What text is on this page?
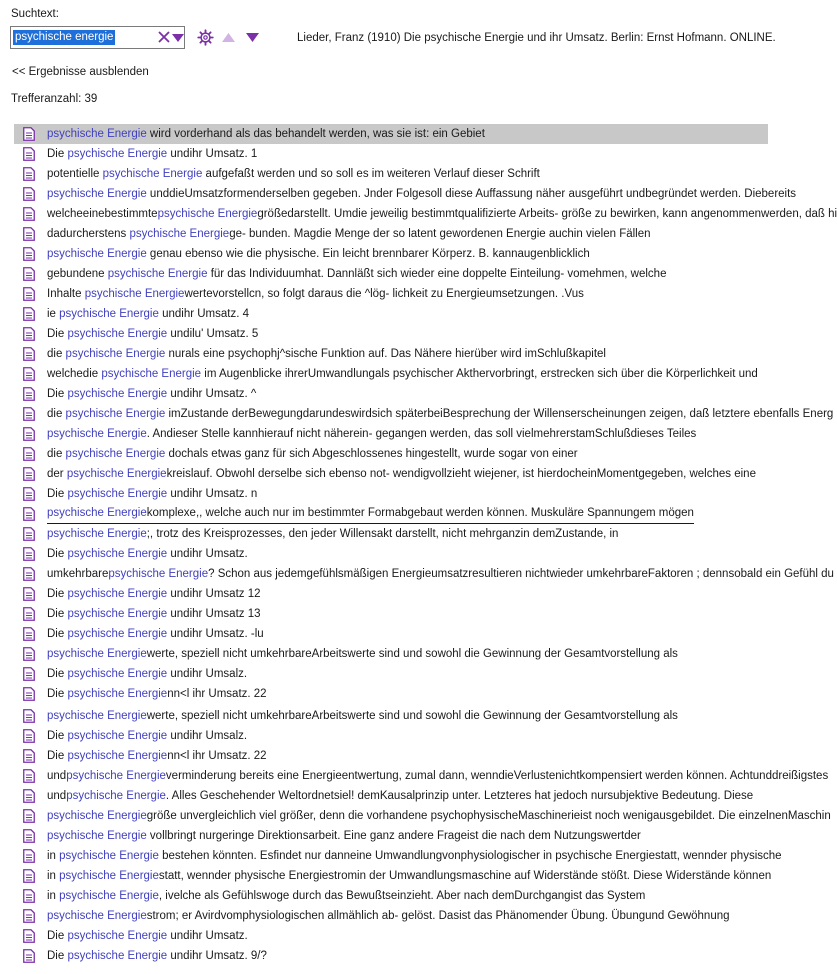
Suchtext:
psychische energie	Lieder, Franz (1910) Die psychische Energie und ihr Umsatz. Berlin: Ernst Hofmann. ONLINE.
<< Ergebnisse ausblenden
Trefferanzahl: 39
psychische Energie wird vorderhand als das behandelt werden, was sie ist: ein Gebiet
Die psychische Energie undihr Umsatz. 1
potentielle psychische Energie aufgefaßt werden und so soll es im weiteren Verlauf dieser Schrift
psychische Energie unddieUmsatzformenderselben gegeben. Jnder Folgesoll diese Auffassung näher ausgeführt undbegründet werden. Diebereits
welcheeinebestimmtepsychische Energiegrößedarstellt. Umdie jeweilig bestimmtqualifizierte Arbeits- größe zu bewirken, kann angenommenwerden, daß hi
dadurcherstens psychische Energiege- bunden. Magdie Menge der so latent gewordenen Energie auchin vielen Fällen
psychische Energie genau ebenso wie die physische. Ein leicht brennbarer Körperz. B. kannaugenblicklich
gebundene psychische Energie für das Individuumhat. Dannläßt sich wieder eine doppelte Einteilung- vomehmen, welche
Inhalte psychische Energiewertevorstellcn, so folgt daraus die ^lög- lichkeit zu Energieumsetzungen. .Vus
ie psychische Energie undihr Umsatz. 4
Die psychische Energie undilu' Umsatz. 5
die psychische Energie nurals eine psychophj^sische Funktion auf. Das Nähere hierüber wird imSchlußkapitel
welchedie psychische Energie im Augenblicke ihrerUmwandlungals psychischer Akthervorbringt, erstrecken sich über die Körperlichkeit und
Die psychische Energie undihr Umsatz. ^
die psychische Energie imZustande derBewegungdarundeswirdsich späterbeiBesprechung der Willenserscheinungen zeigen, daß letztere ebenfalls Energ
psychische Energie. Andieser Stelle kannhierauf nicht näherein- gegangen werden, das soll vielmehrerstamSchlußdieses Teiles
die psychische Energie dochals etwas ganz für sich Abgeschlossenes hingestellt, wurde sogar von einer
der psychische Energiekreislauf. Obwohl derselbe sich ebenso not- wendigvollzieht wiejener, ist hierdocheinMomentgegeben, welches eine
Die psychische Energie undihr Umsatz. n
psychische Energiekomplexe,, welche auch nur im bestimmter Formabgebaut werden können. Muskuläre Spannungem mögen
psychische Energie;, trotz des Kreisprozesses, den jeder Willensakt darstellt, nicht mehrganzin demZustande, in
Die psychische Energie undihr Umsatz.
umkehrbarepsychische Energie? Schon aus jedemgefühlsmäßigen Energieumsatzresultieren nichtwieder umkehrbareFaktoren ; dennsobald ein Gefühl du
Die psychische Energie undihr Umsatz 12
Die psychische Energie undihr Umsatz 13
Die psychische Energie undihr Umsatz. -lu
psychische Energiewerte, speziell nicht umkehrbareArbeitswerte sind und sowohl die Gewinnung der Gesamtvorstellung als
Die psychische Energie undihr Umsalz.
Die psychische Energienn<l ihr Umsatz. 22
psychische Energiewerte, speziell nicht umkehrbareArbeitswerte sind und sowohl die Gewinnung der Gesamtvorstellung als
Die psychische Energie undihr Umsalz.
Die psychische Energienn<l ihr Umsatz. 22
undpsychische Energieverminderung bereits eine Energieentwertung, zumal dann, wenndieVerlustenichtkompensiert werden können. Achtunddreißigstes
undpsychische Energie. Alles Geschehender Weltordnetsiel! demKausalprinzip unter. Letzteres hat jedoch nursubjektive Bedeutung. Diese
psychische Energiegröße unvergleichlich viel größer, denn die vorhandene psychophysischeMaschinerieist noch wenigausgebildet. Die einzelnenMaschin
psychische Energie vollbringt nurgeringe Direktionsarbeit. Eine ganz andere Frageist die nach dem Nutzungswertder
in psychische Energie bestehen könnten. Esfindet nur danneine Umwandlungvonphysiologischer in psychische Energiestatt, wennder physische
in psychische Energiestatt, wennder physische Energiestromin der Umwandlungsmaschine auf Widerstände stößt. Diese Widerstände können
in psychische Energie, ivelche als Gefühlswoge durch das Bewußtseinzieht. Aber nach demDurchgangist das System
psychische Energiestrom; er Avirdvomphysiologischen allmählich ab- gelöst. Dasist das Phänomender Übung. Übungund Gewöhnung
Die psychische Energie undihr Umsatz.
Die psychische Energie undihr Umsatz. 9/?
